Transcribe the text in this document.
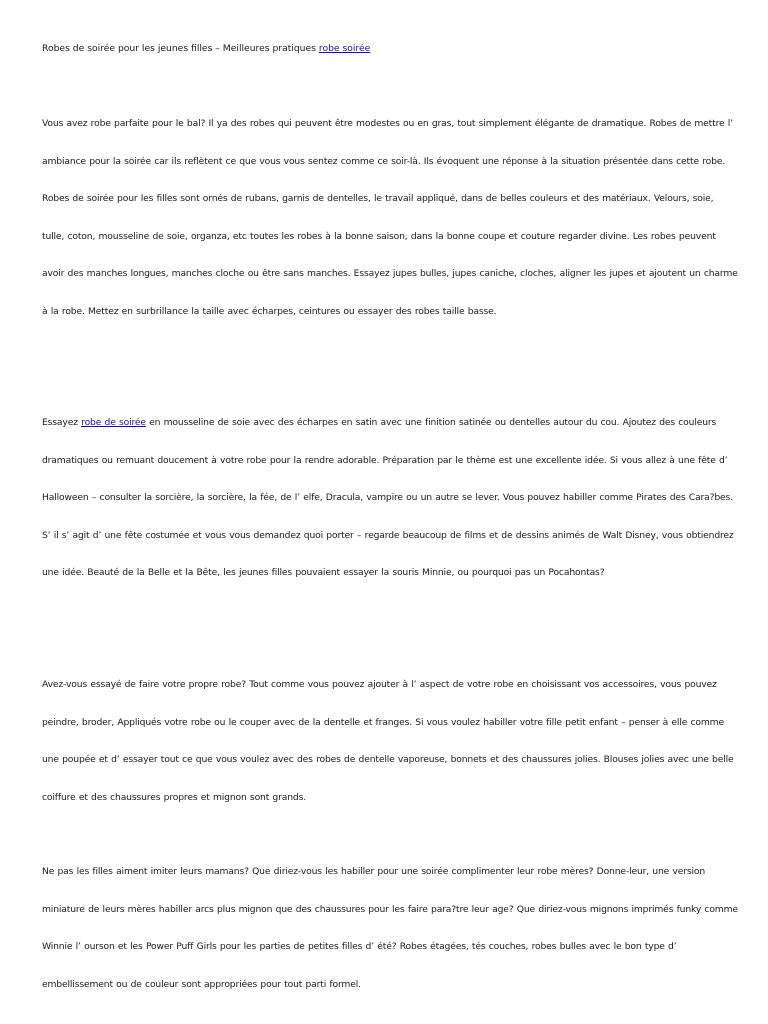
Robes de soirée pour les jeunes filles – Meilleures pratiques robe soirée

Vous avez robe parfaite pour le bal? Il ya des robes qui peuvent être modestes ou en gras, tout simplement élégante de dramatique. Robes de mettre l’ ambiance pour la soirée car ils reflètent ce que vous vous sentez comme ce soir-là. Ils évoquent une réponse à la situation présentée dans cette robe. Robes de soirée pour les filles sont ornés de rubans, garnis de dentelles, le travail appliqué, dans de belles couleurs et des matériaux. Velours, soie, tulle, coton, mousseline de soie, organza, etc toutes les robes à la bonne saison, dans la bonne coupe et couture regarder divine. Les robes peuvent avoir des manches longues, manches cloche ou être sans manches. Essayez jupes bulles, jupes caniche, cloches, aligner les jupes et ajoutent un charme à la robe. Mettez en surbrillance la taille avec écharpes, ceintures ou essayer des robes taille basse.

Essayez robe de soirée en mousseline de soie avec des écharpes en satin avec une finition satinée ou dentelles autour du cou. Ajoutez des couleurs dramatiques ou remuant doucement à votre robe pour la rendre adorable. Préparation par le thème est une excellente idée. Si vous allez à une fête d’ Halloween – consulter la sorcière, la sorcière, la fée, de l’ elfe, Dracula, vampire ou un autre se lever. Vous pouvez habiller comme Pirates des Cara?bes. S’ il s’ agit d’ une fête costumée et vous vous demandez quoi porter – regarde beaucoup de films et de dessins animés de Walt Disney, vous obtiendrez une idée. Beauté de la Belle et la Bête, les jeunes filles pouvaient essayer la souris Minnie, ou pourquoi pas un Pocahontas?

Avez-vous essayé de faire votre propre robe? Tout comme vous pouvez ajouter à l’ aspect de votre robe en choisissant vos accessoires, vous pouvez peindre, broder, Appliqués votre robe ou le couper avec de la dentelle et franges. Si vous voulez habiller votre fille petit enfant – penser à elle comme une poupée et d’ essayer tout ce que vous voulez avec des robes de dentelle vaporeuse, bonnets et des chaussures jolies. Blouses jolies avec une belle coiffure et des chaussures propres et mignon sont grands.

Ne pas les filles aiment imiter leurs mamans? Que diriez-vous les habiller pour une soirée complimenter leur robe mères? Donne-leur, une version miniature de leurs mères habiller arcs plus mignon que des chaussures pour les faire para?tre leur age? Que diriez-vous mignons imprimés funky comme Winnie l’ ourson et les Power Puff Girls pour les parties de petites filles d’ été? Robes étagées, tés couches, robes bulles avec le bon type d’ embellissement ou de couleur sont appropriées pour tout parti formel.
